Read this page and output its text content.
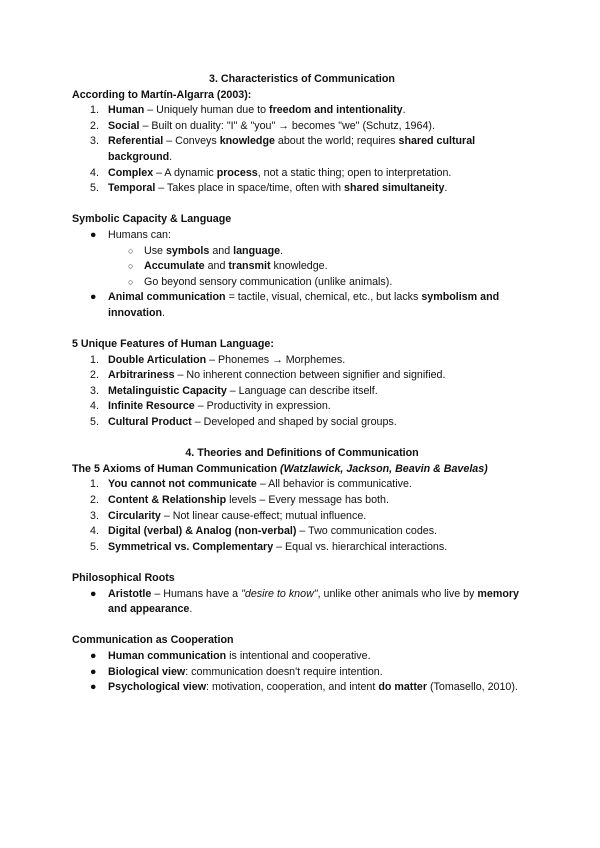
3. Characteristics of Communication
According to Martín-Algarra (2003):
1. Human – Uniquely human due to freedom and intentionality.
2. Social – Built on duality: "I" & "you" → becomes "we" (Schutz, 1964).
3. Referential – Conveys knowledge about the world; requires shared cultural background.
4. Complex – A dynamic process, not a static thing; open to interpretation.
5. Temporal – Takes place in space/time, often with shared simultaneity.
Symbolic Capacity & Language
● Humans can:
○ Use symbols and language.
○ Accumulate and transmit knowledge.
○ Go beyond sensory communication (unlike animals).
● Animal communication = tactile, visual, chemical, etc., but lacks symbolism and innovation.
5 Unique Features of Human Language:
1. Double Articulation – Phonemes → Morphemes.
2. Arbitrariness – No inherent connection between signifier and signified.
3. Metalinguistic Capacity – Language can describe itself.
4. Infinite Resource – Productivity in expression.
5. Cultural Product – Developed and shaped by social groups.
4. Theories and Definitions of Communication
The 5 Axioms of Human Communication (Watzlawick, Jackson, Beavin & Bavelas)
1. You cannot not communicate – All behavior is communicative.
2. Content & Relationship levels – Every message has both.
3. Circularity – Not linear cause-effect; mutual influence.
4. Digital (verbal) & Analog (non-verbal) – Two communication codes.
5. Symmetrical vs. Complementary – Equal vs. hierarchical interactions.
Philosophical Roots
● Aristotle – Humans have a "desire to know", unlike other animals who live by memory and appearance.
Communication as Cooperation
● Human communication is intentional and cooperative.
● Biological view: communication doesn't require intention.
● Psychological view: motivation, cooperation, and intent do matter (Tomasello, 2010).
